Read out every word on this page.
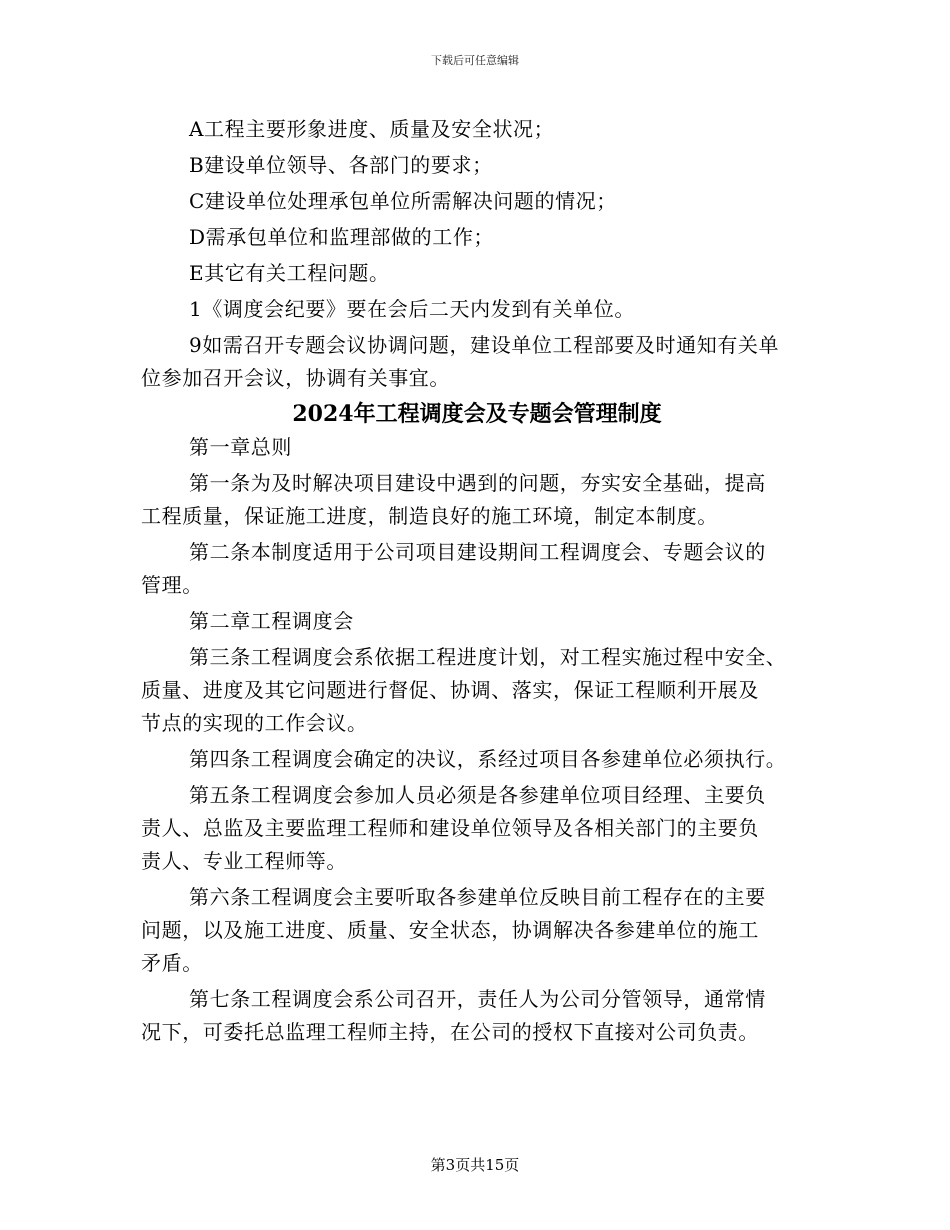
下载后可任意编辑

A工程主要形象进度、质量及安全状况；

B建设单位领导、各部门的要求；

C建设单位处理承包单位所需解决问题的情况；

D需承包单位和监理部做的工作；

E其它有关工程问题。

1《调度会纪要》要在会后二天内发到有关单位。

9如需召开专题会议协调问题，建设单位工程部要及时通知有关单
位参加召开会议，协调有关事宜。

2024年工程调度会及专题会管理制度

第一章总则

第一条为及时解决项目建设中遇到的问题，夯实安全基础，提高
工程质量，保证施工进度，制造良好的施工环境，制定本制度。

第二条本制度适用于公司项目建设期间工程调度会、专题会议的
管理。

第二章工程调度会

第三条工程调度会系依据工程进度计划，对工程实施过程中安全、
质量、进度及其它问题进行督促、协调、落实，保证工程顺利开展及
节点的实现的工作会议。

第四条工程调度会确定的决议，系经过项目各参建单位必须执行。

第五条工程调度会参加人员必须是各参建单位项目经理、主要负
责人、总监及主要监理工程师和建设单位领导及各相关部门的主要负
责人、专业工程师等。

第六条工程调度会主要听取各参建单位反映目前工程存在的主要
问题，以及施工进度、质量、安全状态，协调解决各参建单位的施工
矛盾。

第七条工程调度会系公司召开，责任人为公司分管领导，通常情
况下，可委托总监理工程师主持，在公司的授权下直接对公司负责。

第3页共15页
